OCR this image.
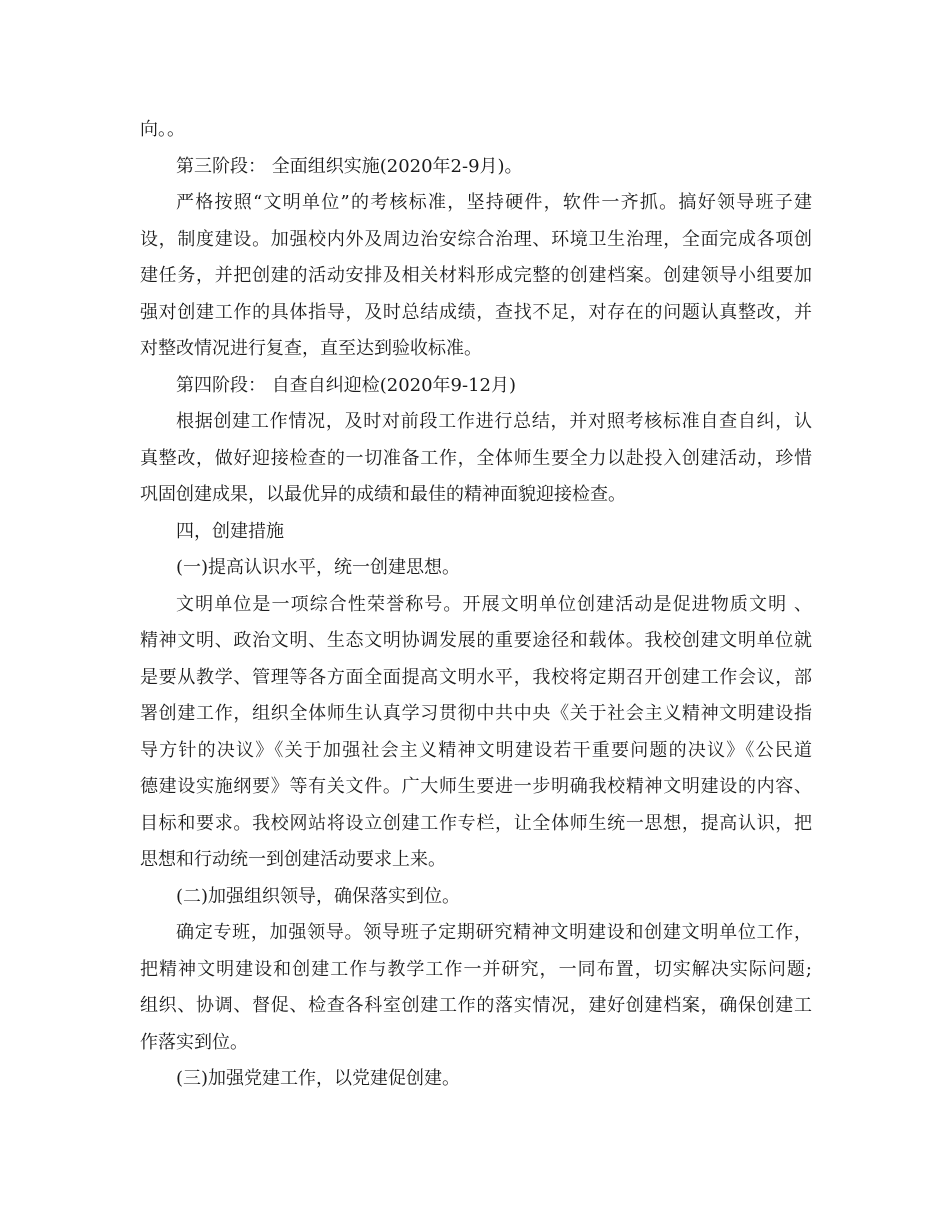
向。。
第三阶段： 全面组织实施(2020年2-9月)。
严格按照“文明单位”的考核标准，坚持硬件，软件一齐抓。搞好领导班子建
设，制度建设。加强校内外及周边治安综合治理、环境卫生治理，全面完成各项创
建任务，并把创建的活动安排及相关材料形成完整的创建档案。创建领导小组要加
强对创建工作的具体指导，及时总结成绩，查找不足，对存在的问题认真整改，并
对整改情况进行复查，直至达到验收标准。
第四阶段： 自查自纠迎检(2020年9-12月)
根据创建工作情况，及时对前段工作进行总结，并对照考核标准自查自纠，认
真整改，做好迎接检查的一切准备工作，全体师生要全力以赴投入创建活动，珍惜
巩固创建成果，以最优异的成绩和最佳的精神面貌迎接检查。
四，创建措施
(一)提高认识水平，统一创建思想。
文明单位是一项综合性荣誉称号。开展文明单位创建活动是促进物质文明 、
精神文明、政治文明、生态文明协调发展的重要途径和载体。我校创建文明单位就
是要从教学、管理等各方面全面提高文明水平，我校将定期召开创建工作会议，部
署创建工作，组织全体师生认真学习贯彻中共中央《关于社会主义精神文明建设指
导方针的决议》《关于加强社会主义精神文明建设若干重要问题的决议》《公民道
德建设实施纲要》等有关文件。广大师生要进一步明确我校精神文明建设的内容、
目标和要求。我校网站将设立创建工作专栏，让全体师生统一思想，提高认识，把
思想和行动统一到创建活动要求上来。
(二)加强组织领导，确保落实到位。
确定专班，加强领导。领导班子定期研究精神文明建设和创建文明单位工作，
把精神文明建设和创建工作与教学工作一并研究，一同布置，切实解决实际问题;
组织、协调、督促、检查各科室创建工作的落实情况，建好创建档案，确保创建工
作落实到位。
(三)加强党建工作，以党建促创建。
